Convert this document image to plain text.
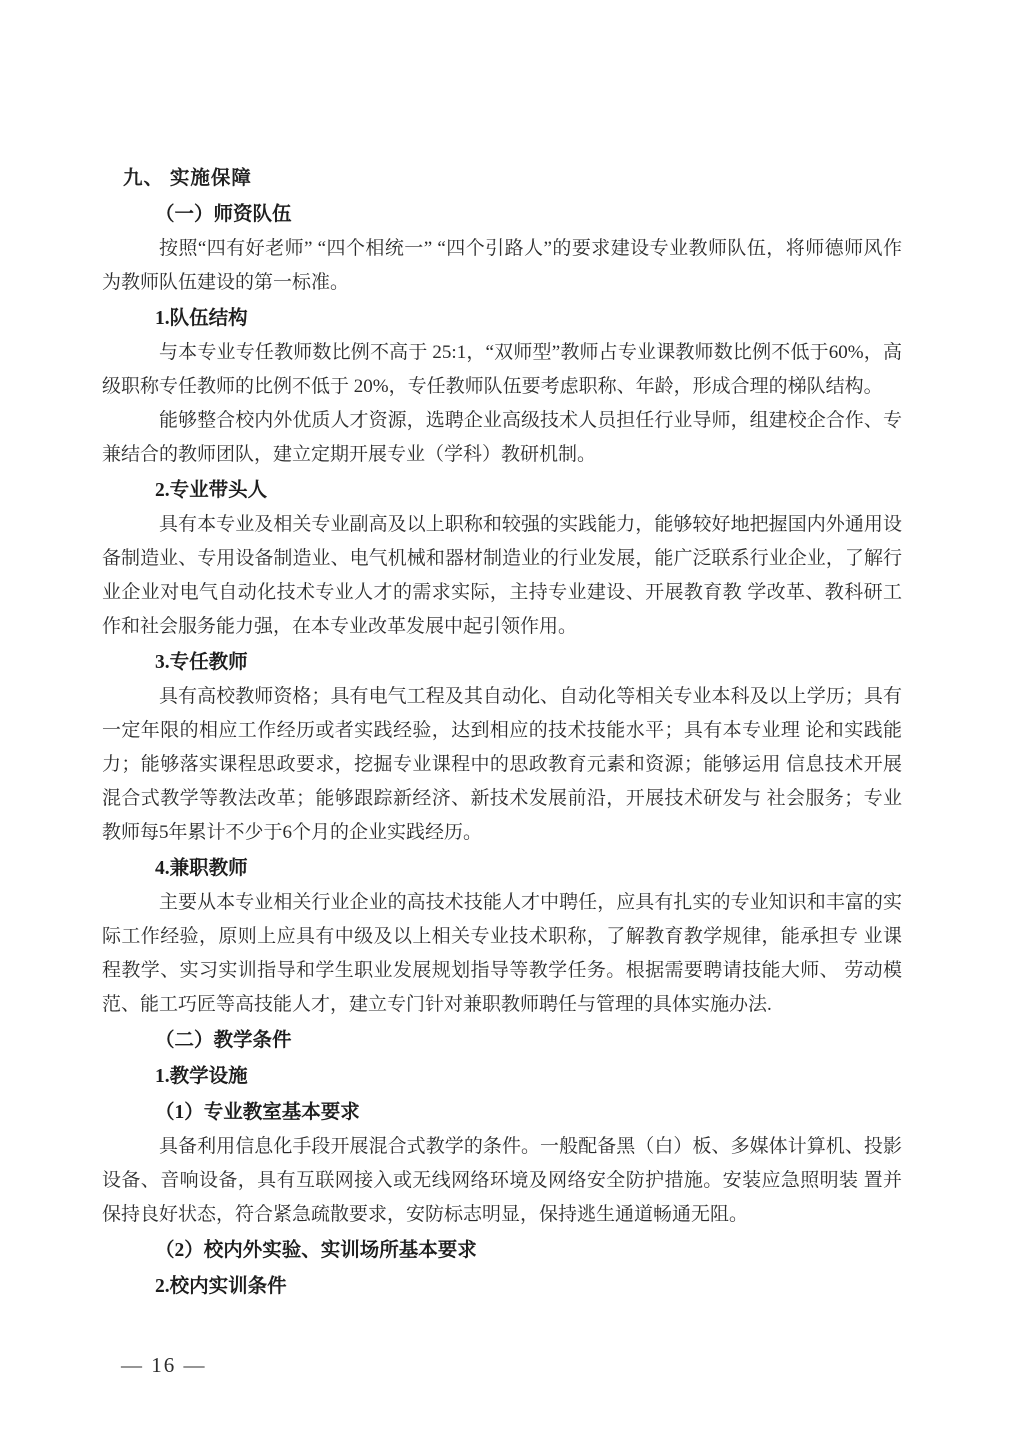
九、 实施保障
（一）师资队伍

按照“四有好老师” “四个相统一” “四个引路人”的要求建设专业教师队伍，将师德师风作为教师队伍建设的第一标准。

1.队伍结构

与本专业专任教师数比例不高于 25:1，“双师型”教师占专业课教师数比例不低于60%，高级职称专任教师的比例不低于 20%，专任教师队伍要考虑职称、年龄，形成合理的梯队结构。

能够整合校内外优质人才资源，选聘企业高级技术人员担任行业导师，组建校企合作、专兼结合的教师团队，建立定期开展专业（学科）教研机制。

2.专业带头人

具有本专业及相关专业副高及以上职称和较强的实践能力，能够较好地把握国内外通用设备制造业、专用设备制造业、电气机械和器材制造业的行业发展，能广泛联系行业企业，了解行业企业对电气自动化技术专业人才的需求实际，主持专业建设、开展教育教 学改革、教科研工作和社会服务能力强，在本专业改革发展中起引领作用。

3.专任教师

具有高校教师资格；具有电气工程及其自动化、自动化等相关专业本科及以上学历；具有一定年限的相应工作经历或者实践经验，达到相应的技术技能水平；具有本专业理 论和实践能力；能够落实课程思政要求，挖掘专业课程中的思政教育元素和资源；能够运用 信息技术开展混合式教学等教法改革；能够跟踪新经济、新技术发展前沿，开展技术研发与 社会服务；专业教师每5年累计不少于6个月的企业实践经历。

4.兼职教师

主要从本专业相关行业企业的高技术技能人才中聘任，应具有扎实的专业知识和丰富的实际工作经验，原则上应具有中级及以上相关专业技术职称，了解教育教学规律，能承担专 业课程教学、实习实训指导和学生职业发展规划指导等教学任务。根据需要聘请技能大师、 劳动模范、能工巧匠等高技能人才，建立专门针对兼职教师聘任与管理的具体实施办法.

（二）教学条件
1.教学设施
（1）专业教室基本要求

具备利用信息化手段开展混合式教学的条件。一般配备黑（白）板、多媒体计算机、投影设备、音响设备，具有互联网接入或无线网络环境及网络安全防护措施。安装应急照明装 置并保持良好状态，符合紧急疏散要求，安防标志明显，保持逃生通道畅通无阻。

（2）校内外实验、实训场所基本要求
2.校内实训条件
— 16 —
